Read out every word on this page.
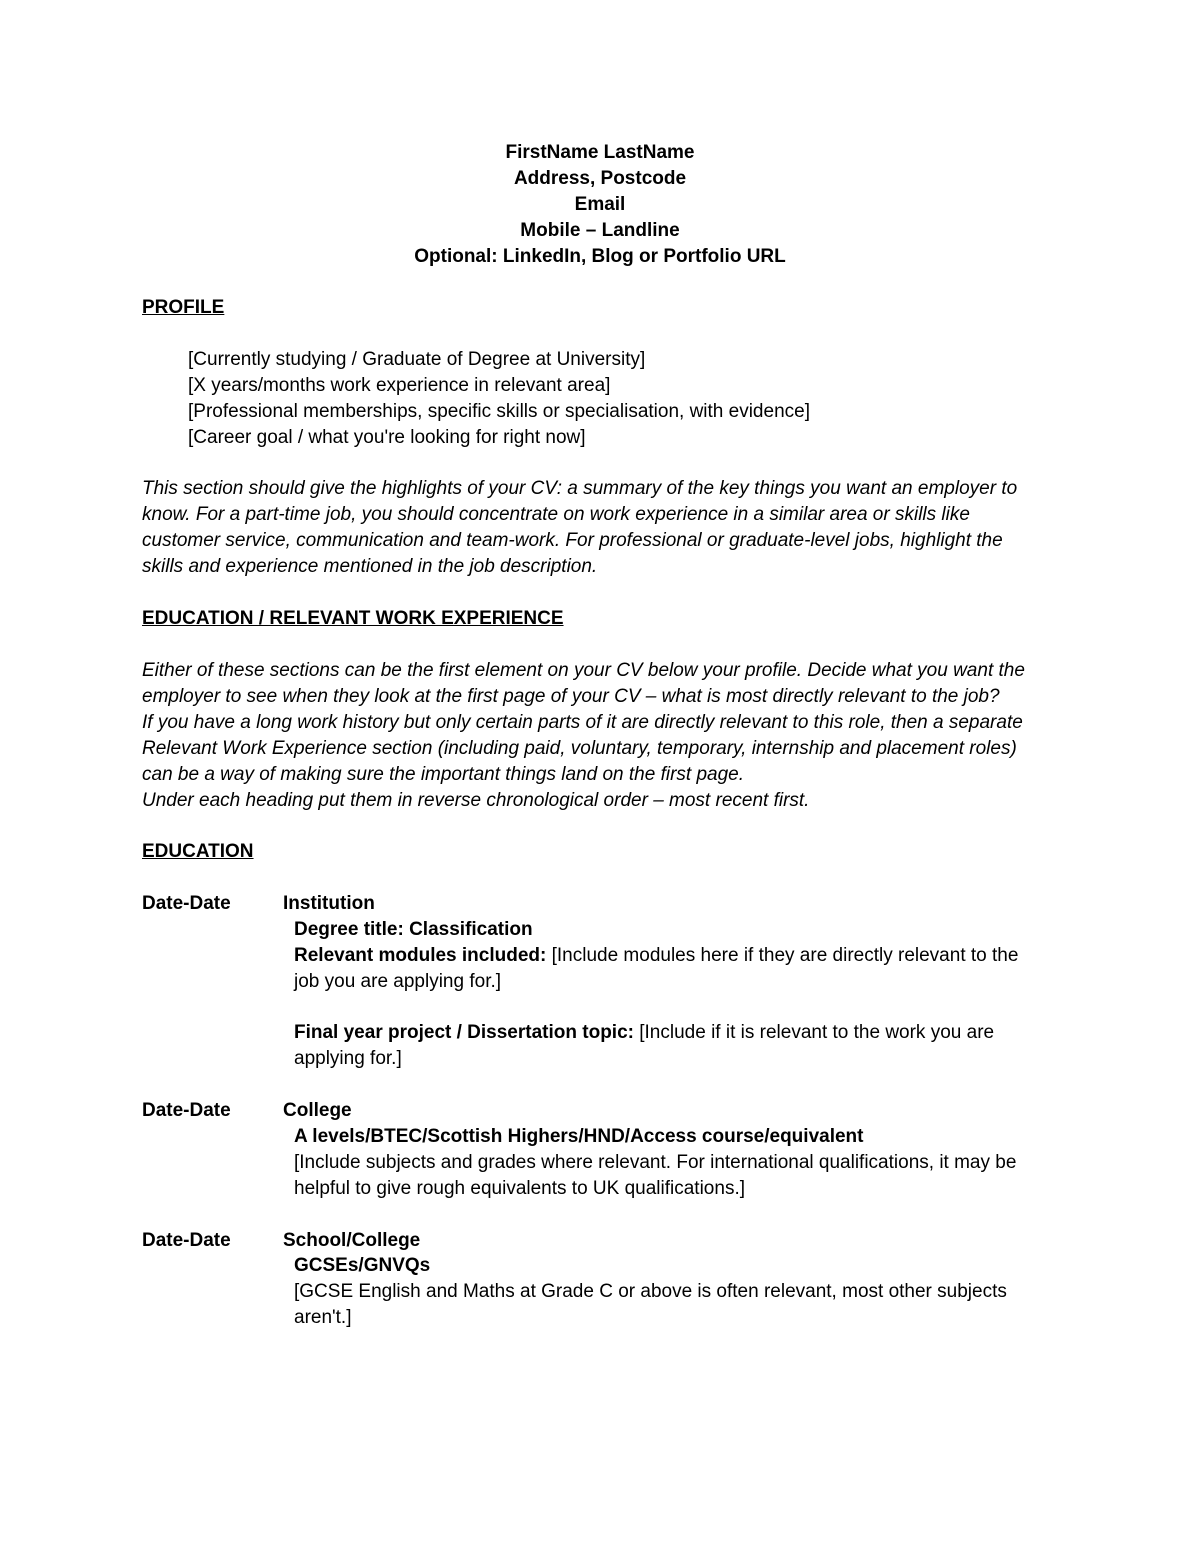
FirstName LastName
Address, Postcode
Email
Mobile – Landline
Optional: LinkedIn, Blog or Portfolio URL
PROFILE
[Currently studying / Graduate of Degree at University]
[X years/months work experience in relevant area]
[Professional memberships, specific skills or specialisation, with evidence]
[Career goal / what you're looking for right now]
This section should give the highlights of your CV: a summary of the key things you want an employer to
know. For a part-time job, you should concentrate on work experience in a similar area or skills like
customer service, communication and team-work. For professional or graduate-level jobs, highlight the
skills and experience mentioned in the job description.
EDUCATION / RELEVANT WORK EXPERIENCE
Either of these sections can be the first element on your CV below your profile. Decide what you want the
employer to see when they look at the first page of your CV – what is most directly relevant to the job?
If you have a long work history but only certain parts of it are directly relevant to this role, then a separate
Relevant Work Experience section (including paid, voluntary, temporary, internship and placement roles)
can be a way of making sure the important things land on the first page.
Under each heading put them in reverse chronological order – most recent first.
EDUCATION
Date-Date	Institution
Degree title: Classification
Relevant modules included: [Include modules here if they are directly relevant to the
job you are applying for.]
Final year project / Dissertation topic: [Include if it is relevant to the work you are
applying for.]
Date-Date	College
A levels/BTEC/Scottish Highers/HND/Access course/equivalent
[Include subjects and grades where relevant. For international qualifications, it may be
helpful to give rough equivalents to UK qualifications.]
Date-Date	School/College
GCSEs/GNVQs
[GCSE English and Maths at Grade C or above is often relevant, most other subjects
aren't.]
